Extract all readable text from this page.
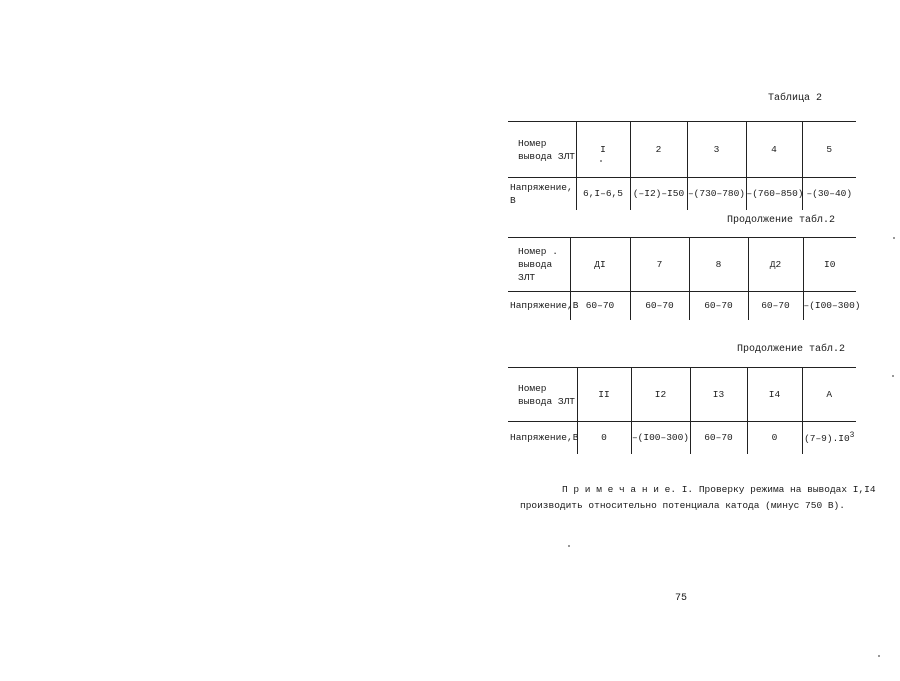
Таблица 2
Номер вывода ЗЛТ	I	2	3	4	5
Напряжение, В	6,I–6,5	(–I2)–I50	–(730–780)	–(760–850)	–(30–40)
Продолжение табл.2
Номер . вывода ЗЛТ	ДI	7	8	Д2	I0
Напряжение,В	60–70	60–70	60–70	60–70	–(I00–300)
Продолжение табл.2
Номер вывода ЗЛТ	II	I2	I3	I4	А
Напряжение,В	0	–(I00–300)	60–70	0	$(7-9).I0^3$
П р и м е ч а н и е. I. Проверку режима на выводах I,I4
производить относительно потенциала катода (минус 750 В).
75
